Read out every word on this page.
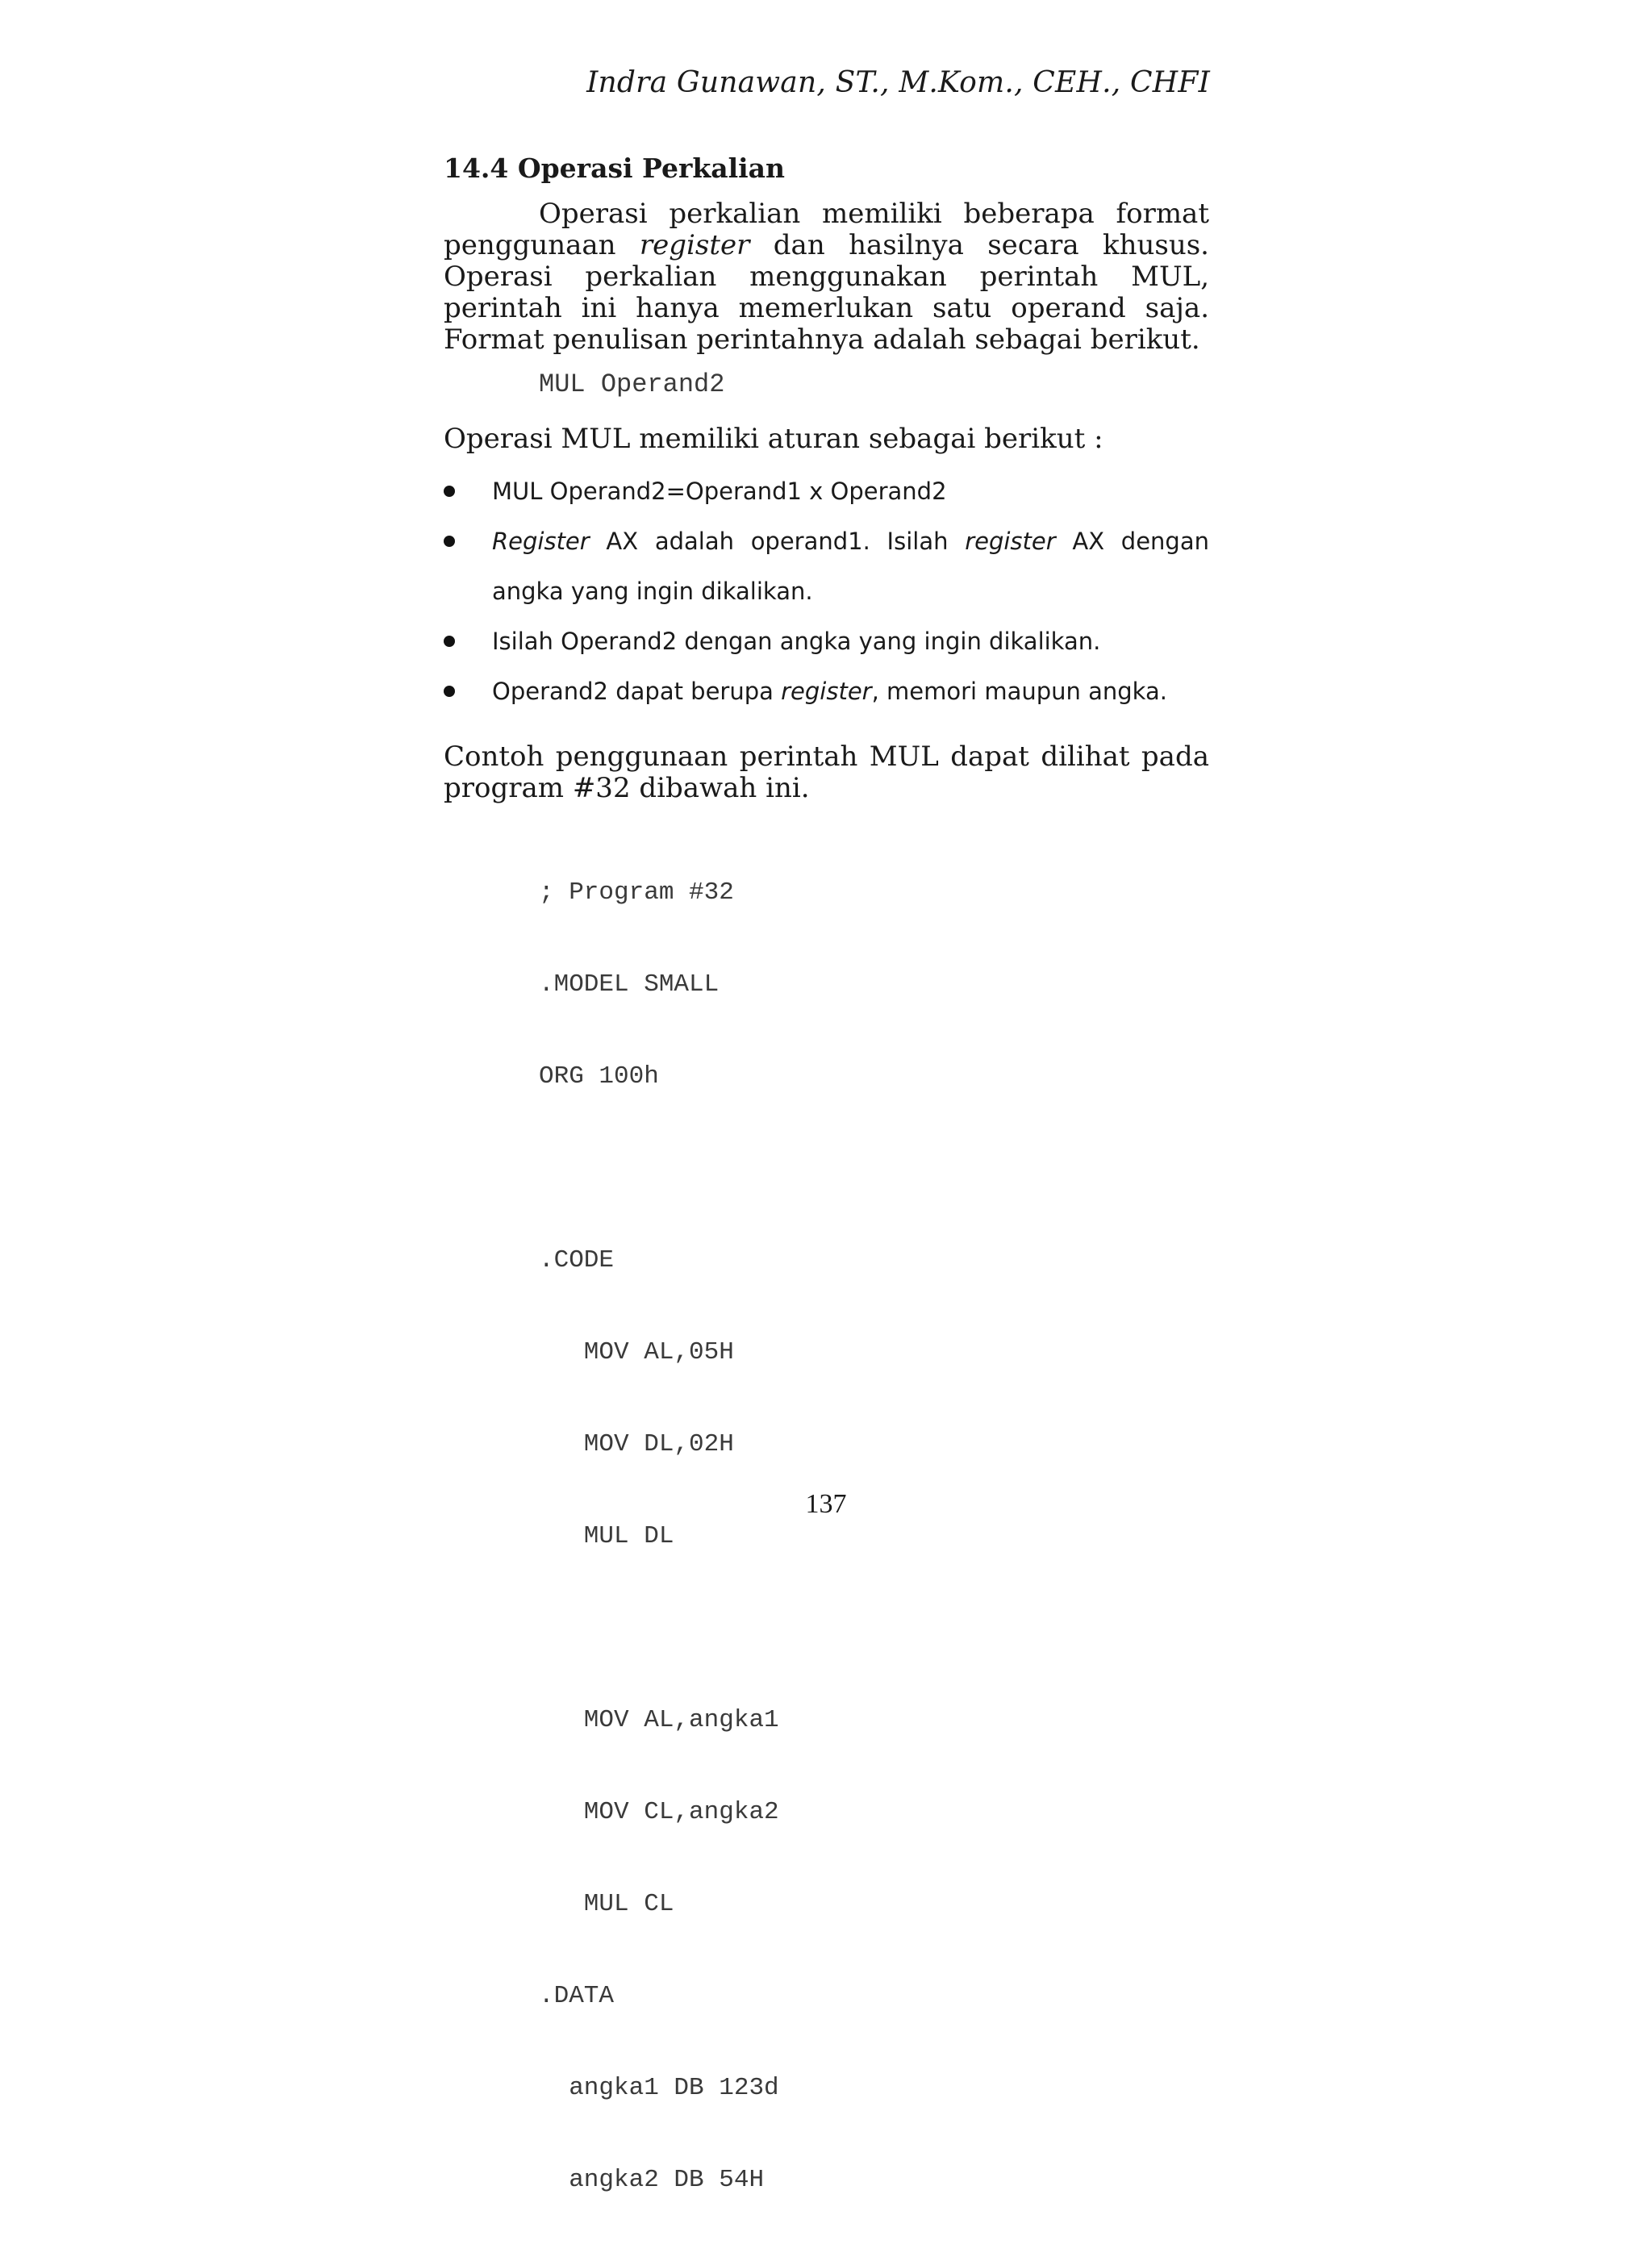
Indra Gunawan, ST., M.Kom., CEH., CHFI
14.4 Operasi Perkalian
Operasi perkalian memiliki beberapa format penggunaan register dan hasilnya secara khusus. Operasi perkalian menggunakan perintah MUL, perintah ini hanya memerlukan satu operand saja. Format penulisan perintahnya adalah sebagai berikut.
MUL Operand2
Operasi MUL memiliki aturan sebagai berikut :
MUL Operand2=Operand1 x Operand2
Register AX adalah operand1. Isilah register AX dengan angka yang ingin dikalikan.
Isilah Operand2 dengan angka yang ingin dikalikan.
Operand2 dapat berupa register, memori maupun angka.
Contoh penggunaan perintah MUL dapat dilihat pada program #32 dibawah ini.

; Program #32

.MODEL SMALL

ORG 100h

.CODE

MOV AL,05H

MOV DL,02H

MUL DL

MOV AL,angka1

MOV CL,angka2

MUL CL

.DATA

angka1 DB 123d

angka2 DB 54H

137
